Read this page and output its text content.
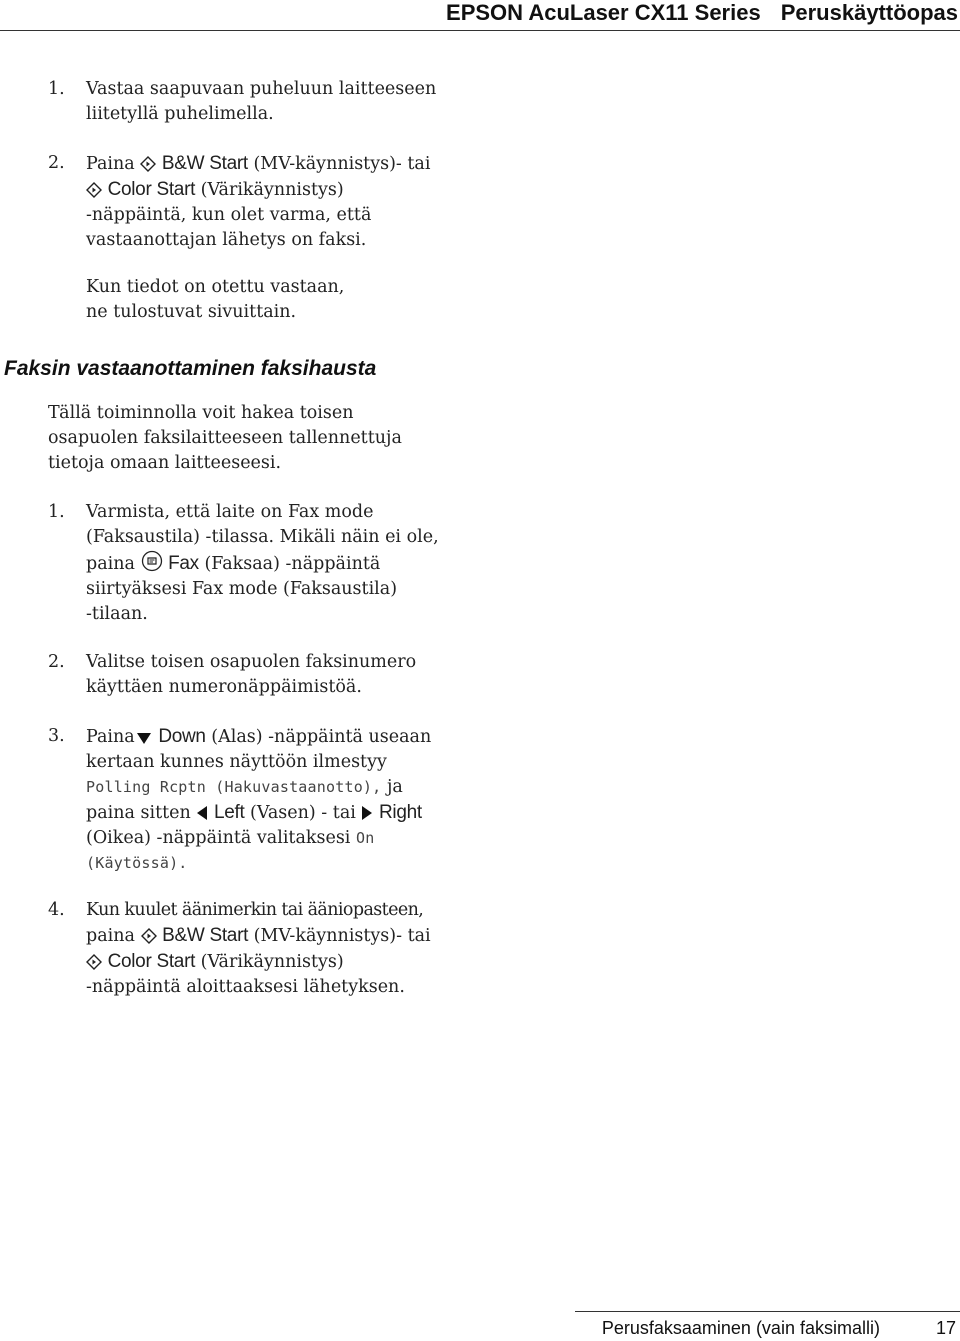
EPSON AcuLaser CX11 Series Peruskäyttöopas
1. Vastaa saapuvaan puheluun laitteeseen
liitetyllä puhelimella.
2. Paina B&W Start (MV-käynnistys)- tai
Color Start (Värikäynnistys)
-näppäintä, kun olet varma, että
vastaanottajan lähetys on faksi.
Kun tiedot on otettu vastaan,
ne tulostuvat sivuittain.
Faksin vastaanottaminen faksihausta
Tällä toiminnolla voit hakea toisen
osapuolen faksilaitteeseen tallennettuja
tietoja omaan laitteeseesi.
1. Varmista, että laite on Fax mode
(Faksaustila) -tilassa. Mikäli näin ei ole,
paina Fax (Faksaa) -näppäintä
siirtyäksesi Fax mode (Faksaustila)
-tilaan.
2. Valitse toisen osapuolen faksinumero
käyttäen numeronäppäimistöä.
3. Paina Down (Alas) -näppäintä useaan
kertaan kunnes näyttöön ilmestyy
Polling Rcptn (Hakuvastaanotto), ja
paina sitten Left (Vasen) - tai Right
(Oikea) -näppäintä valitaksesi On
(Käytössä).
4. Kun kuulet äänimerkin tai ääniopasteen,
paina B&W Start (MV-käynnistys)- tai
Color Start (Värikäynnistys)
-näppäintä aloittaaksesi lähetyksen.
Perusfaksaaminen (vain faksimalli)	17
